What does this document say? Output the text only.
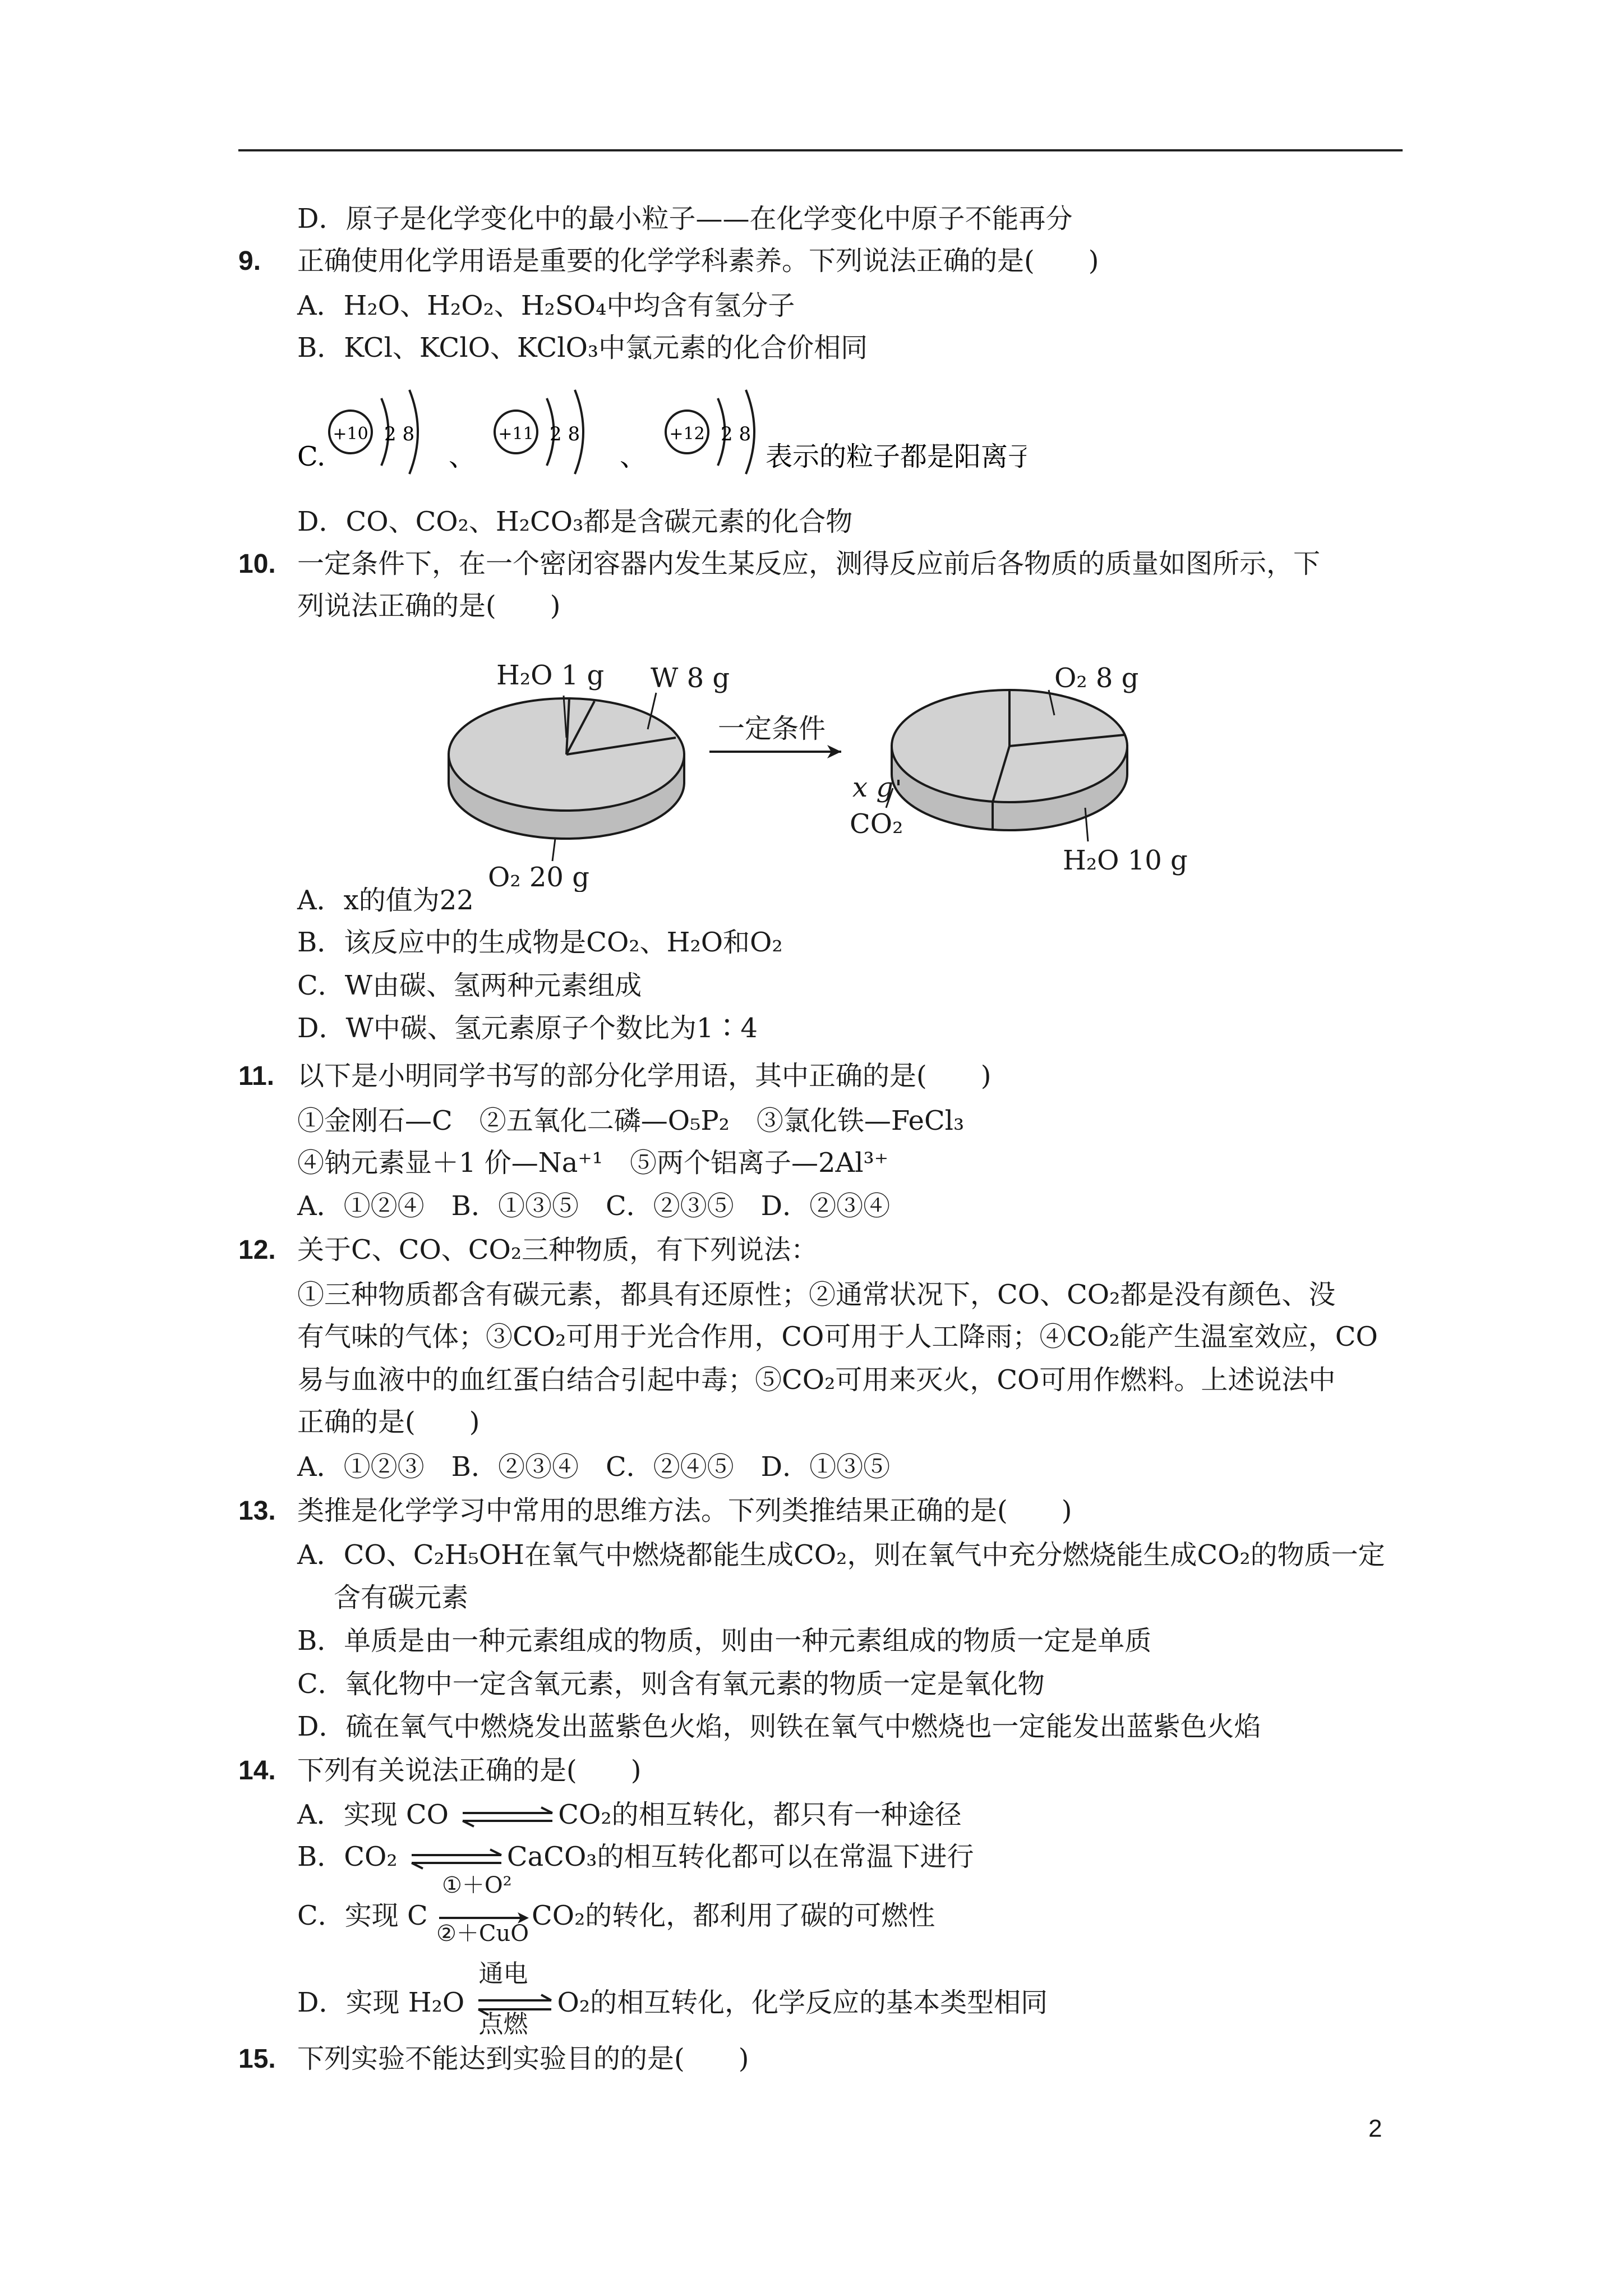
D．原子是化学变化中的最小粒子——在化学变化中原子不能再分
9. 正确使用化学用语是重要的化学学科素养。下列说法正确的是(　　)
A．H₂O、H₂O₂、H₂SO₄中均含有氢分子
B．KCl、KClO、KClO₃中氯元素的化合价相同
C.
+10 2 8
、
+11 2 8
、
+12 2 8
表示的粒子都是阳离子
D．CO、CO₂、H₂CO₃都是含碳元素的化合物
10. 一定条件下，在一个密闭容器内发生某反应，测得反应前后各物质的质量如图所示，下
列说法正确的是(　　)
H₂O 1 g W 8 g
O₂ 20 g
一定条件
O₂ 8 g
H₂O 10 g
x g
CO₂
A．x的值为22
B．该反应中的生成物是CO₂、H₂O和O₂
C．W由碳、氢两种元素组成
D．W中碳、氢元素原子个数比为1∶4
11. 以下是小明同学书写的部分化学用语，其中正确的是(　　)
①金刚石—C　②五氧化二磷—O₅P₂　③氯化铁—FeCl₃
④钠元素显＋1 价—Na⁺¹　⑤两个铝离子—2Al³⁺
A．①②④　B．①③⑤　C．②③⑤　D．②③④
12. 关于C、CO、CO₂三种物质，有下列说法：
①三种物质都含有碳元素，都具有还原性；②通常状况下，CO、CO₂都是没有颜色、没
有气味的气体；③CO₂可用于光合作用，CO可用于人工降雨；④CO₂能产生温室效应，CO
易与血液中的血红蛋白结合引起中毒；⑤CO₂可用来灭火，CO可用作燃料。上述说法中
正确的是(　　)
A．①②③　B．②③④　C．②④⑤　D．①③⑤
13. 类推是化学学习中常用的思维方法。下列类推结果正确的是(　　)
A．CO、C₂H₅OH在氧气中燃烧都能生成CO₂，则在氧气中充分燃烧能生成CO₂的物质一定
含有碳元素
B．单质是由一种元素组成的物质，则由一种元素组成的物质一定是单质
C．氧化物中一定含氧元素，则含有氧元素的物质一定是氧化物
D．硫在氧气中燃烧发出蓝紫色火焰，则铁在氧气中燃烧也一定能发出蓝紫色火焰
14. 下列有关说法正确的是(　　)
A．实现 CO ⇌CO₂的相互转化，都只有一种途径
B．CO₂ ⇌CaCO₃的相互转化都可以在常温下进行
C．实现 C
①＋O²
②＋CuO
CO₂的转化，都利用了碳的可燃性
D．实现 H₂O
通电
点燃
O₂的相互转化，化学反应的基本类型相同
15. 下列实验不能达到实验目的的是(　　)
2
